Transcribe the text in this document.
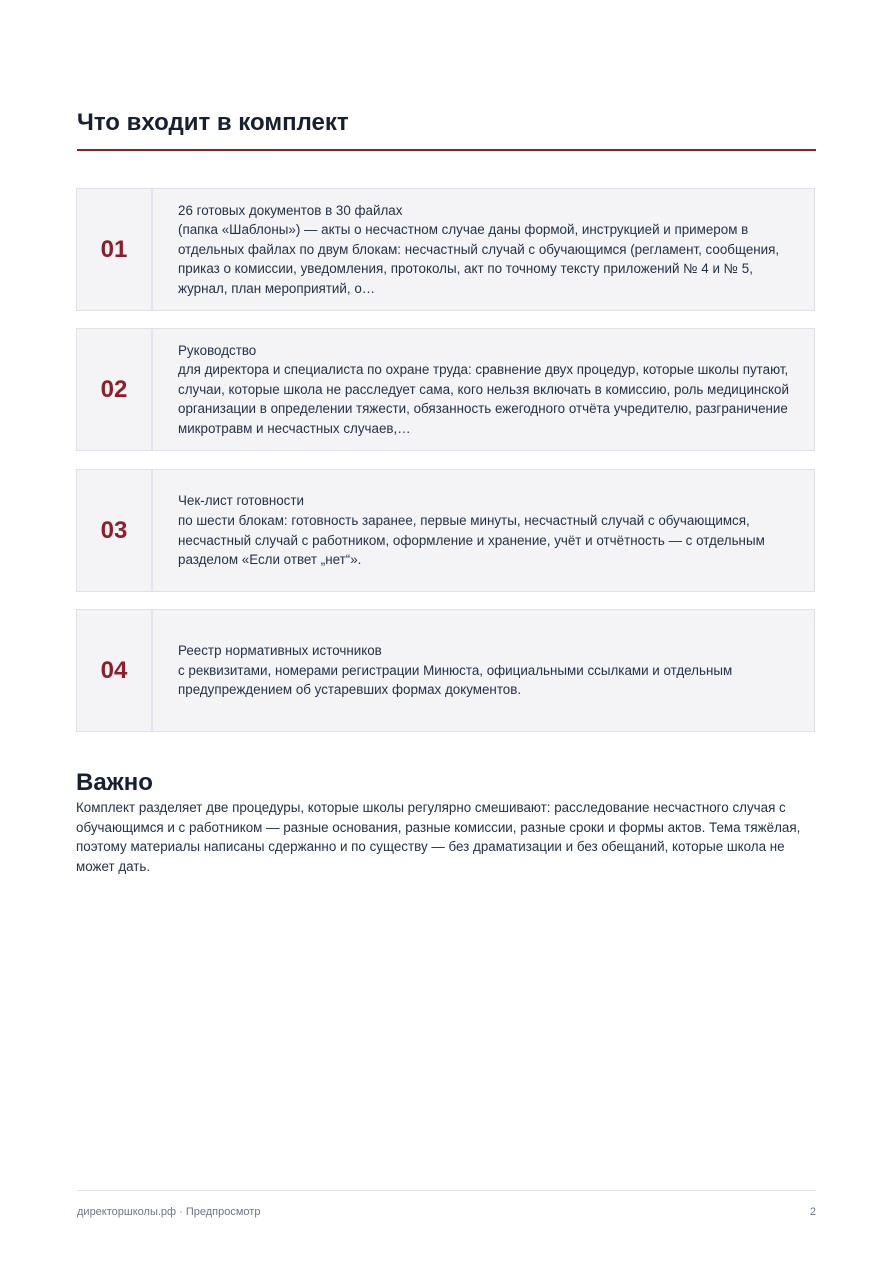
Что входит в комплект
01
26 готовых документов в 30 файлах
(папка «Шаблоны») — акты о несчастном случае даны формой, инструкцией и примером в отдельных файлах по двум блокам: несчастный случай с обучающимся (регламент, сообщения, приказ о комиссии, уведомления, протоколы, акт по точному тексту приложений № 4 и № 5, журнал, план мероприятий, о…
02
Руководство
для директора и специалиста по охране труда: сравнение двух процедур, которые школы путают, случаи, которые школа не расследует сама, кого нельзя включать в комиссию, роль медицинской организации в определении тяжести, обязанность ежегодного отчёта учредителю, разграничение микротравм и несчастных случаев,…
03
Чек-лист готовности
по шести блокам: готовность заранее, первые минуты, несчастный случай с обучающимся, несчастный случай с работником, оформление и хранение, учёт и отчётность — с отдельным разделом «Если ответ „нет“».
04
Реестр нормативных источников
с реквизитами, номерами регистрации Минюста, официальными ссылками и отдельным предупреждением об устаревших формах документов.
Важно

Комплект разделяет две процедуры, которые школы регулярно смешивают: расследование несчастного случая с обучающимся и с работником — разные основания, разные комиссии, разные сроки и формы актов. Тема тяжёлая, поэтому материалы написаны сдержанно и по существу — без драматизации и без обещаний, которые школа не может дать.

директоршколы.рф · Предпросмотр	2
